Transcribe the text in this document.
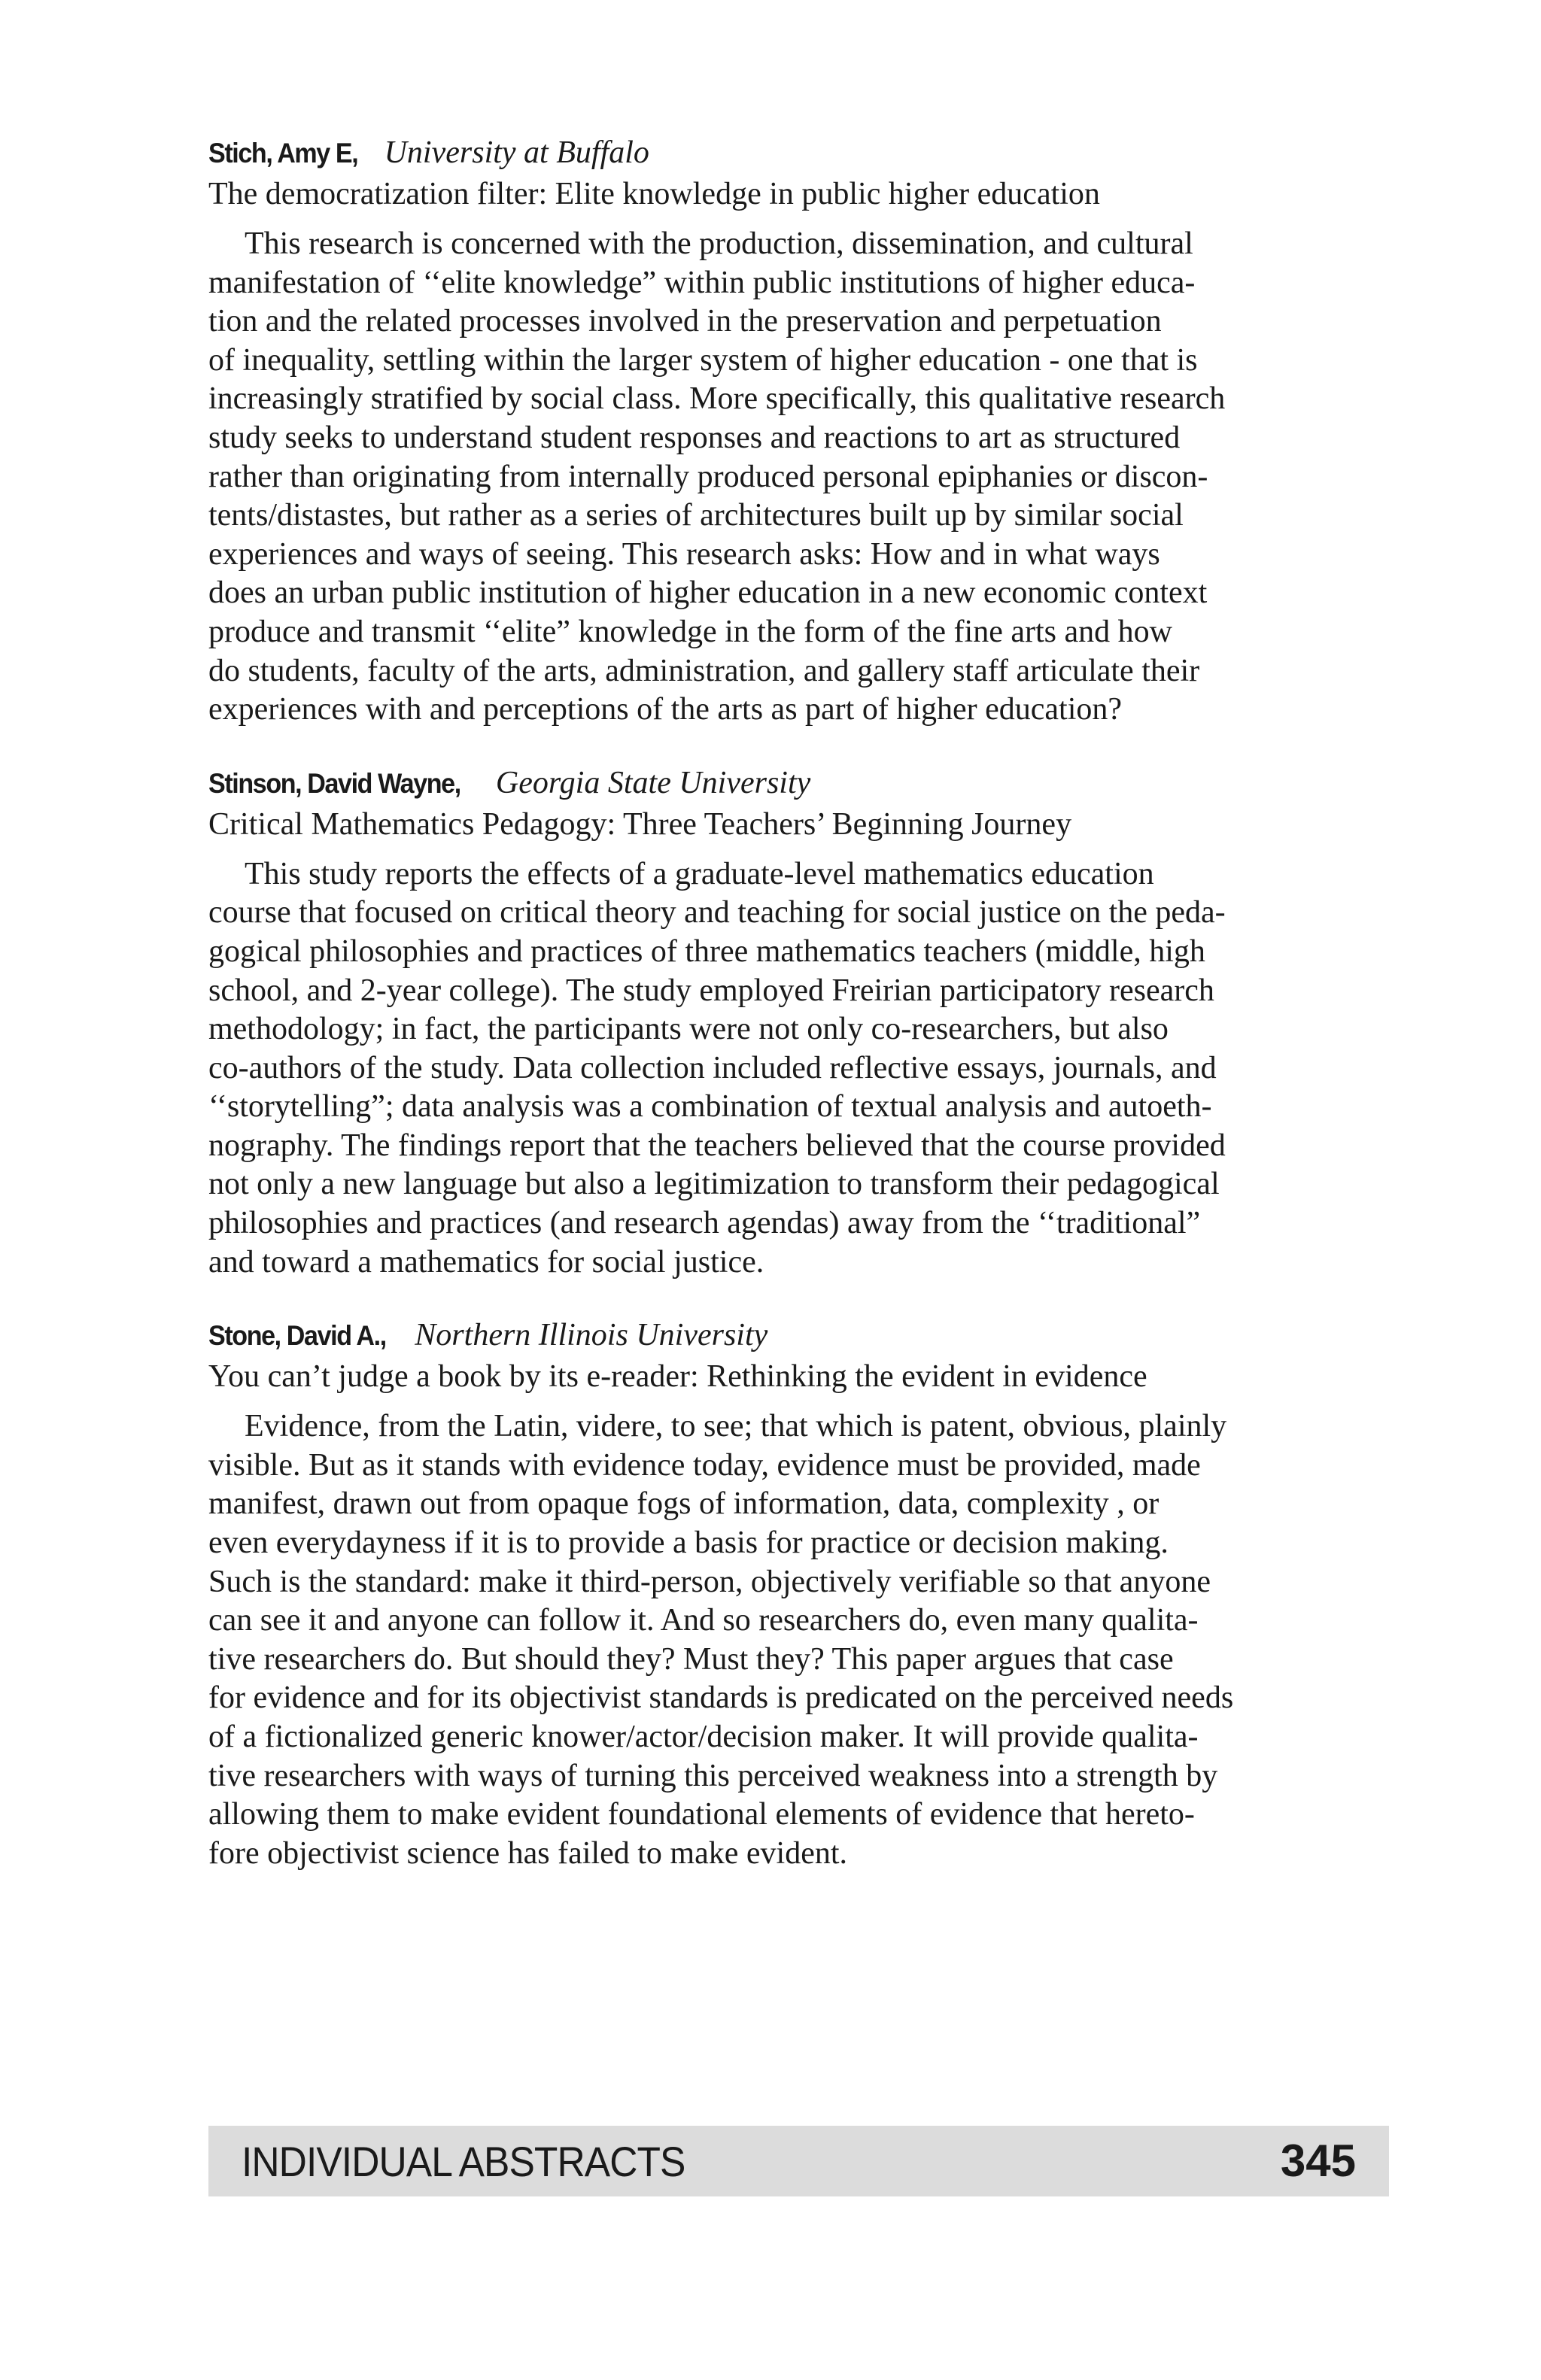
Stich, Amy E, University at Buffalo
The democratization filter: Elite knowledge in public higher education
This research is concerned with the production, dissemination, and cultural
manifestation of ‘‘elite knowledge” within public institutions of higher educa-
tion and the related processes involved in the preservation and perpetuation
of inequality, settling within the larger system of higher education - one that is
increasingly stratified by social class. More specifically, this qualitative research
study seeks to understand student responses and reactions to art as structured
rather than originating from internally produced personal epiphanies or discon-
tents/distastes, but rather as a series of architectures built up by similar social
experiences and ways of seeing. This research asks: How and in what ways
does an urban public institution of higher education in a new economic context
produce and transmit ‘‘elite” knowledge in the form of the fine arts and how
do students, faculty of the arts, administration, and gallery staff articulate their
experiences with and perceptions of the arts as part of higher education?
Stinson, David Wayne, Georgia State University
Critical Mathematics Pedagogy: Three Teachers’ Beginning Journey
This study reports the effects of a graduate-level mathematics education
course that focused on critical theory and teaching for social justice on the peda-
gogical philosophies and practices of three mathematics teachers (middle, high
school, and 2-year college). The study employed Freirian participatory research
methodology; in fact, the participants were not only co-researchers, but also
co-authors of the study. Data collection included reflective essays, journals, and
‘‘storytelling”; data analysis was a combination of textual analysis and autoeth-
nography. The findings report that the teachers believed that the course provided
not only a new language but also a legitimization to transform their pedagogical
philosophies and practices (and research agendas) away from the ‘‘traditional”
and toward a mathematics for social justice.
Stone, David A., Northern Illinois University
You can’t judge a book by its e-reader: Rethinking the evident in evidence
Evidence, from the Latin, videre, to see; that which is patent, obvious, plainly
visible. But as it stands with evidence today, evidence must be provided, made
manifest, drawn out from opaque fogs of information, data, complexity , or
even everydayness if it is to provide a basis for practice or decision making.
Such is the standard: make it third-person, objectively verifiable so that anyone
can see it and anyone can follow it. And so researchers do, even many qualita-
tive researchers do. But should they? Must they? This paper argues that case
for evidence and for its objectivist standards is predicated on the perceived needs
of a fictionalized generic knower/actor/decision maker. It will provide qualita-
tive researchers with ways of turning this perceived weakness into a strength by
allowing them to make evident foundational elements of evidence that hereto-
fore objectivist science has failed to make evident.
INDIVIDUAL ABSTRACTS	345
